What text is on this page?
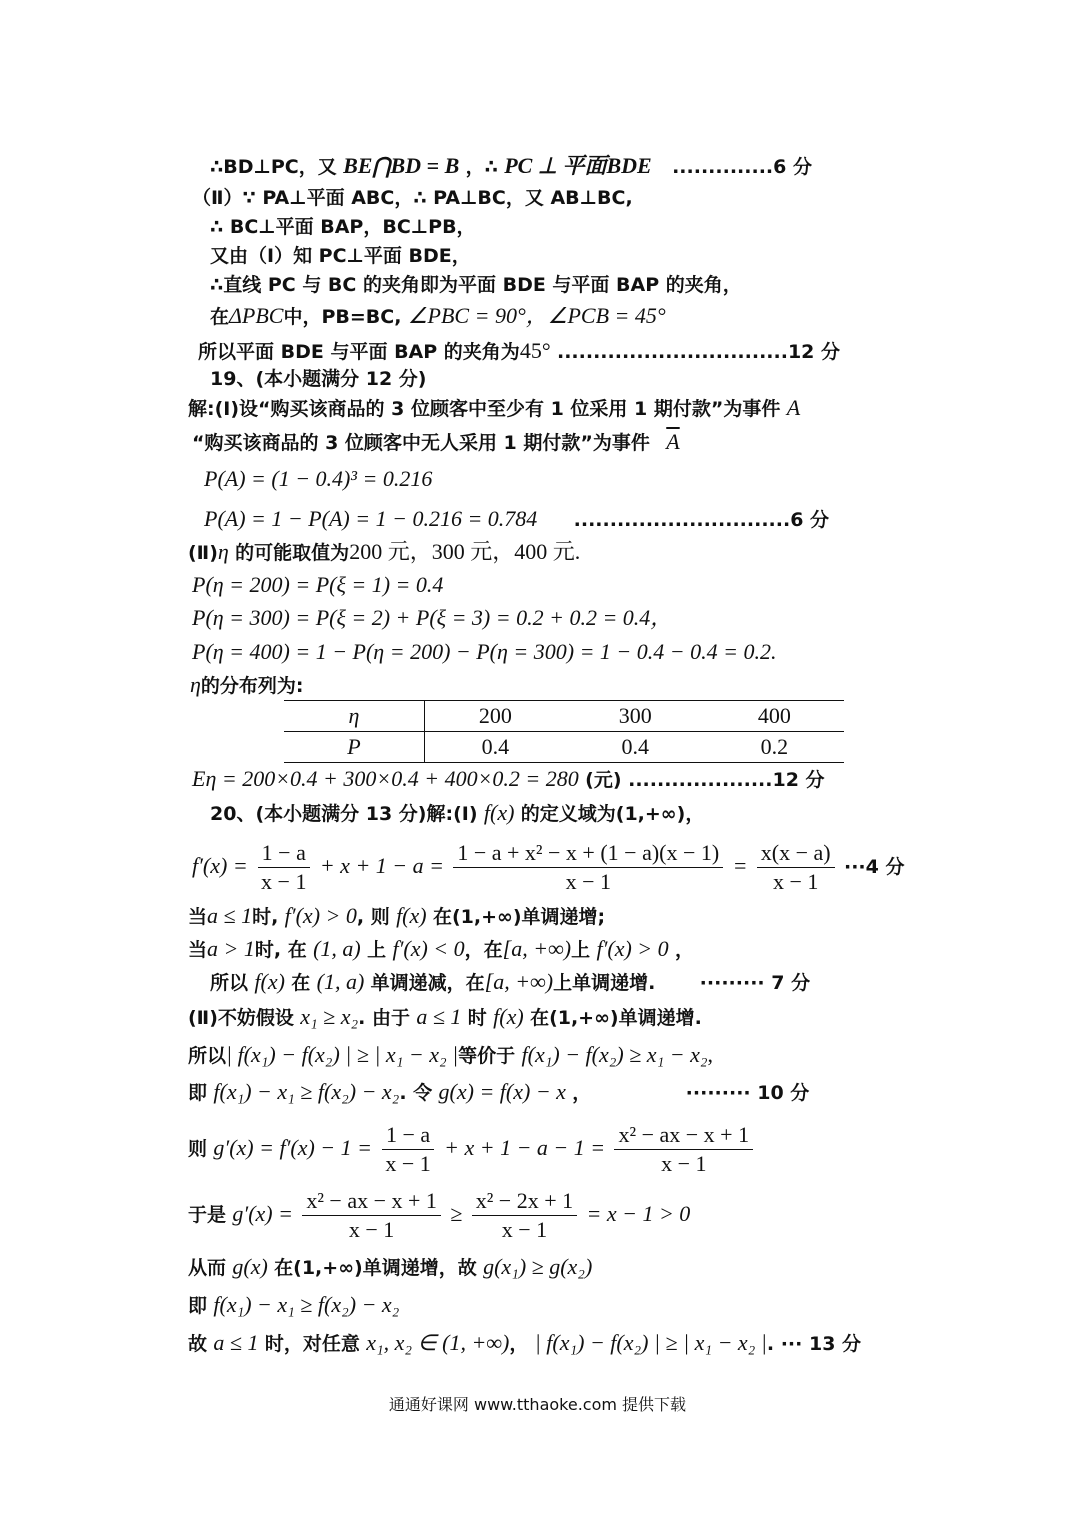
∴BD⊥PC，又 BE⋂BD = B ，∴ PC ⊥ 平面BDE ..............6 分
（Ⅱ）∵ PA⊥平面 ABC，∴ PA⊥BC，又 AB⊥BC,
∴ BC⊥平面 BAP，BC⊥PB，
又由（Ⅰ）知 PC⊥平面 BDE，
∴直线 PC 与 BC 的夹角即为平面 BDE 与平面 BAP 的夹角，
在ΔPBC中，PB=BC, ∠PBC = 90°，∠PCB = 45°
所以平面 BDE 与平面 BAP 的夹角为45° ................................12 分
19、(本小题满分 12 分)
解:(Ⅰ)设“购买该商品的 3 位顾客中至少有 1 位采用 1 期付款”为事件 A
“购买该商品的 3 位顾客中无人采用 1 期付款”为事件 $\overline{A}$
P(A) = (1 − 0.4)³ = 0.216
P(A) = 1 − P(A) = 1 − 0.216 = 0.784 ..............................6 分
(Ⅱ)η 的可能取值为200 元，300 元，400 元.
P(η = 200) = P(ξ = 1) = 0.4
P(η = 300) = P(ξ = 2) + P(ξ = 3) = 0.2 + 0.2 = 0.4，
P(η = 400) = 1 − P(η = 200) − P(η = 300) = 1 − 0.4 − 0.4 = 0.2.
η的分布列为:
η	200	300	400
P	0.4	0.4	0.2
Eη = 200×0.4 + 300×0.4 + 400×0.2 = 280 (元) ....................12 分
20、(本小题满分 13 分)解:(Ⅰ) f(x) 的定义域为(1,+∞)，
$f'(x) = \frac{1 - a}{x - 1} + x + 1 - a = \frac{\text{1 − a + x² − x + (1 − a)(x − 1)}}{x - 1} = \frac{x(x - a)}{x - 1} \cdot\cdot\cdot 4$ 分
当a ≤ 1时, f′(x) > 0, 则 f(x) 在(1,+∞)单调递增;
当a > 1时, 在 (1, a) 上 f′(x) < 0，在[a, +∞)上 f′(x) > 0 ，
所以 f(x) 在 (1, a) 单调递减，在[a, +∞)上单调递增. ········· 7 分
(Ⅱ)不妨假设 x₁ ≥ x₂. 由于 a ≤ 1 时 f(x) 在(1,+∞)单调递增.
所以| f(x₁) − f(x₂) | ≥ | x₁ − x₂ |等价于 f(x₁) − f(x₂) ≥ x₁ − x₂,
即 f(x₁) − x₁ ≥ f(x₂) − x₂. 令 g(x) = f(x) − x ，	········· 10 分
则 $g'(x) = f'(x) - 1 = \frac{1 - a}{x - 1} + x + 1 - a - 1 = \frac{\text{x² − ax − x + 1}}{x - 1}$
于是 $g'(x) = \frac{\text{x² − ax − x + 1}}{x - 1} \ge \frac{\text{x² − 2x + 1}}{x - 1} = x - 1 > 0$
从而 g(x) 在(1,+∞)单调递增，故 g(x₁) ≥ g(x₂)
即 f(x₁) − x₁ ≥ f(x₂) − x₂
故 a ≤ 1 时，对任意 x₁, x₂ ∈ (1, +∞)， | f(x₁) − f(x₂) | ≥ | x₁ − x₂ |. ··· 13 分
通通好课网 www.tthaoke.com 提供下载
